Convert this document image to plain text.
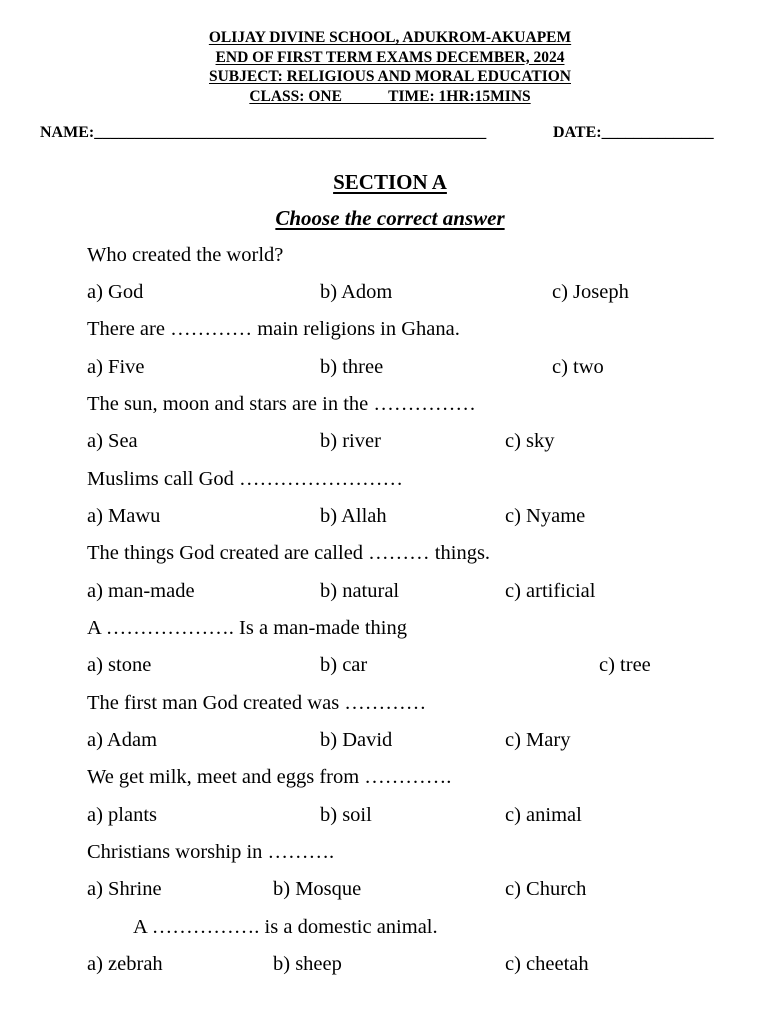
OLIJAY DIVINE SCHOOL, ADUKROM-AKUAPEM
END OF FIRST TERM EXAMS DECEMBER, 2024
SUBJECT: RELIGIOUS AND MORAL EDUCATION
CLASS: ONE            TIME: 1HR:15MINS
NAME:_________________________________________________	DATE:______________
SECTION A
Choose the correct answer
Who created the world?
a) God	b) Adom	c) Joseph
There are ………… main religions in Ghana.
a) Five	b) three	c) two
The sun, moon and stars are in the ……………
a) Sea	b) river	c) sky
Muslims call God ……………………
a) Mawu	b) Allah	c) Nyame
The things God created are called ……… things.
a) man-made	b) natural	c) artificial
A ………………. Is a man-made thing
a) stone	b) car	c) tree
The first man God created was …………
a) Adam	b) David	c) Mary
We get milk, meet and eggs from ………….
a) plants	b) soil	c) animal
Christians worship in ……….
a) Shrine	b) Mosque	c) Church
A ……………. is a domestic animal.
a) zebrah	b) sheep	c) cheetah
